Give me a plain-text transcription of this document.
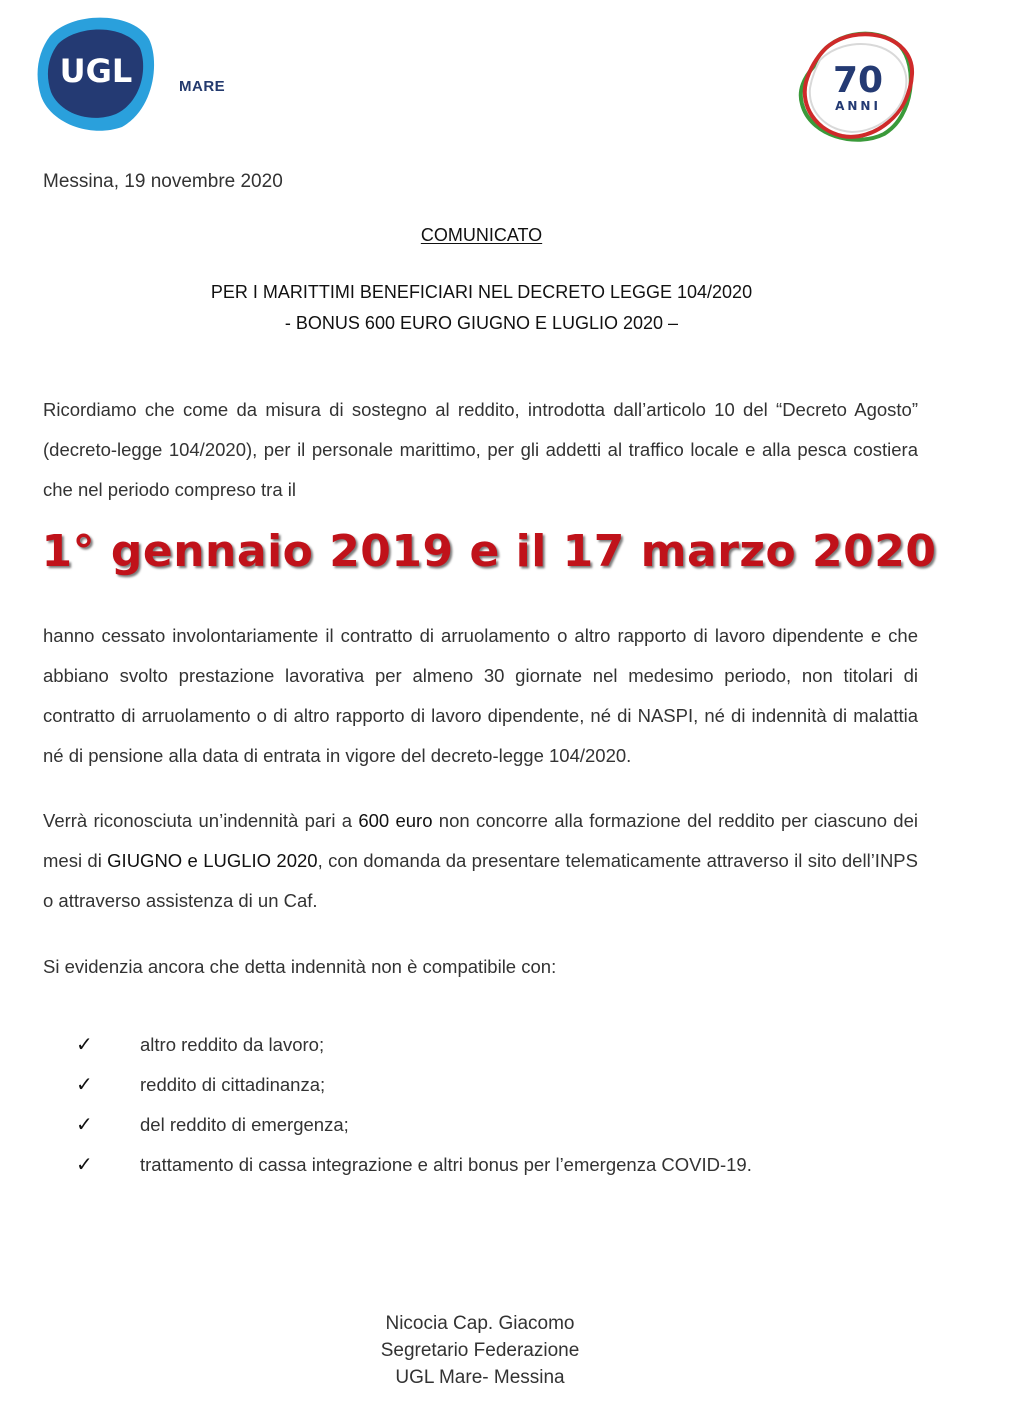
UGL	MARE	70
ANNI
Messina, 19 novembre 2020
COMUNICATO
PER I MARITTIMI BENEFICIARI NEL DECRETO LEGGE 104/2020
- BONUS 600 EURO GIUGNO E LUGLIO 2020 –
Ricordiamo che come da misura di sostegno al reddito, introdotta dall’articolo 10 del “Decreto Agosto” (decreto-legge 104/2020), per il personale marittimo, per gli addetti al traffico locale e alla pesca costiera che nel periodo compreso tra il
1° gennaio 2019 e il 17 marzo 2020
hanno cessato involontariamente il contratto di arruolamento o altro rapporto di lavoro dipendente e che abbiano svolto prestazione lavorativa per almeno 30 giornate nel medesimo periodo, non titolari di contratto di arruolamento o di altro rapporto di lavoro dipendente, né di NASPI, né di indennità di malattia né di pensione alla data di entrata in vigore del decreto-legge 104/2020.
Verrà riconosciuta un’indennità pari a 600 euro non concorre alla formazione del reddito per ciascuno dei mesi di GIUGNO e LUGLIO 2020, con domanda da presentare telematicamente attraverso il sito dell’INPS o attraverso assistenza di un Caf.
Si evidenzia ancora che detta indennità non è compatibile con:
✓	altro reddito da lavoro;
✓	reddito di cittadinanza;
✓	del reddito di emergenza;
✓	trattamento di cassa integrazione e altri bonus per l’emergenza COVID-19.
Nicocia Cap. Giacomo
Segretario Federazione
UGL Mare- Messina
